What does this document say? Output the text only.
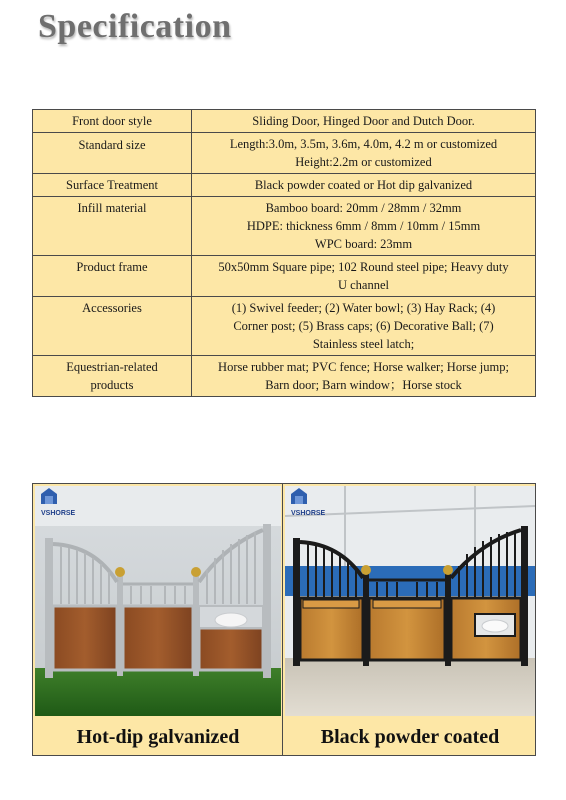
Specification
Front door style	Sliding Door, Hinged Door and Dutch Door.
Standard size	Length:3.0m, 3.5m, 3.6m, 4.0m, 4.2 m or customized
Height:2.2m or customized
Surface Treatment	Black powder coated or Hot dip galvanized
Infill material	Bamboo board: 20mm / 28mm / 32mm
HDPE: thickness 6mm / 8mm / 10mm / 15mm
WPC board: 23mm
Product frame	50x50mm Square pipe; 102 Round steel pipe; Heavy duty
U channel
Accessories	(1) Swivel feeder; (2) Water bowl; (3) Hay Rack; (4)
Corner post; (5) Brass caps; (6) Decorative Ball; (7)
Stainless steel latch;
Equestrian-related
products	Horse rubber mat; PVC fence; Horse walker; Horse jump;
Barn door; Barn window；Horse stock
VSHORSE	VSHORSE
Hot-dip galvanized	Black powder coated
